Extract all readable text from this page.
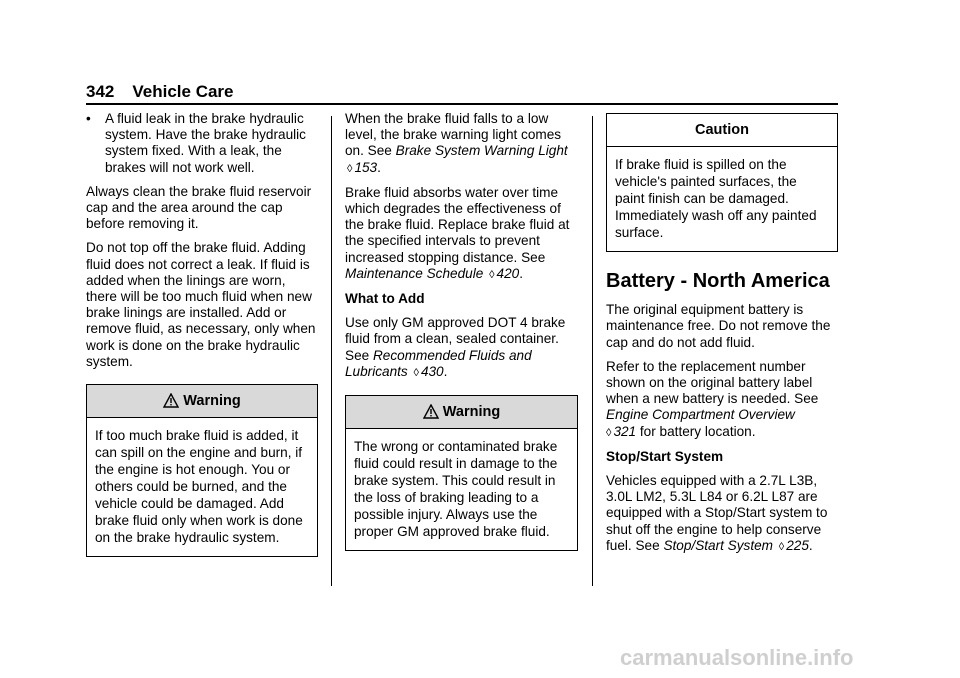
342 Vehicle Care
• A fluid leak in the brake hydraulic system. Have the brake hydraulic system fixed. With a leak, the brakes will not work well.

Always clean the brake fluid reservoir cap and the area around the cap before removing it.

Do not top off the brake fluid. Adding fluid does not correct a leak. If fluid is added when the linings are worn, there will be too much fluid when new brake linings are installed. Add or remove fluid, as necessary, only when work is done on the brake hydraulic system.

Warning

If too much brake fluid is added, it can spill on the engine and burn, if the engine is hot enough. You or others could be burned, and the vehicle could be damaged. Add brake fluid only when work is done on the brake hydraulic system.

When the brake fluid falls to a low level, the brake warning light comes on. See Brake System Warning Light ◊ 153.

Brake fluid absorbs water over time which degrades the effectiveness of the brake fluid. Replace brake fluid at the specified intervals to prevent increased stopping distance. See Maintenance Schedule ◊ 420.

What to Add

Use only GM approved DOT 4 brake fluid from a clean, sealed container. See Recommended Fluids and Lubricants ◊ 430.

Warning

The wrong or contaminated brake fluid could result in damage to the brake system. This could result in the loss of braking leading to a possible injury. Always use the proper GM approved brake fluid.

Caution

If brake fluid is spilled on the vehicle's painted surfaces, the paint finish can be damaged. Immediately wash off any painted surface.

Battery - North America

The original equipment battery is maintenance free. Do not remove the cap and do not add fluid.

Refer to the replacement number shown on the original battery label when a new battery is needed. See Engine Compartment Overview
◊ 321 for battery location.

Stop/Start System

Vehicles equipped with a 2.7L L3B, 3.0L LM2, 5.3L L84 or 6.2L L87 are equipped with a Stop/Start system to shut off the engine to help conserve fuel. See Stop/Start System ◊ 225.

carmanualsonline.info
